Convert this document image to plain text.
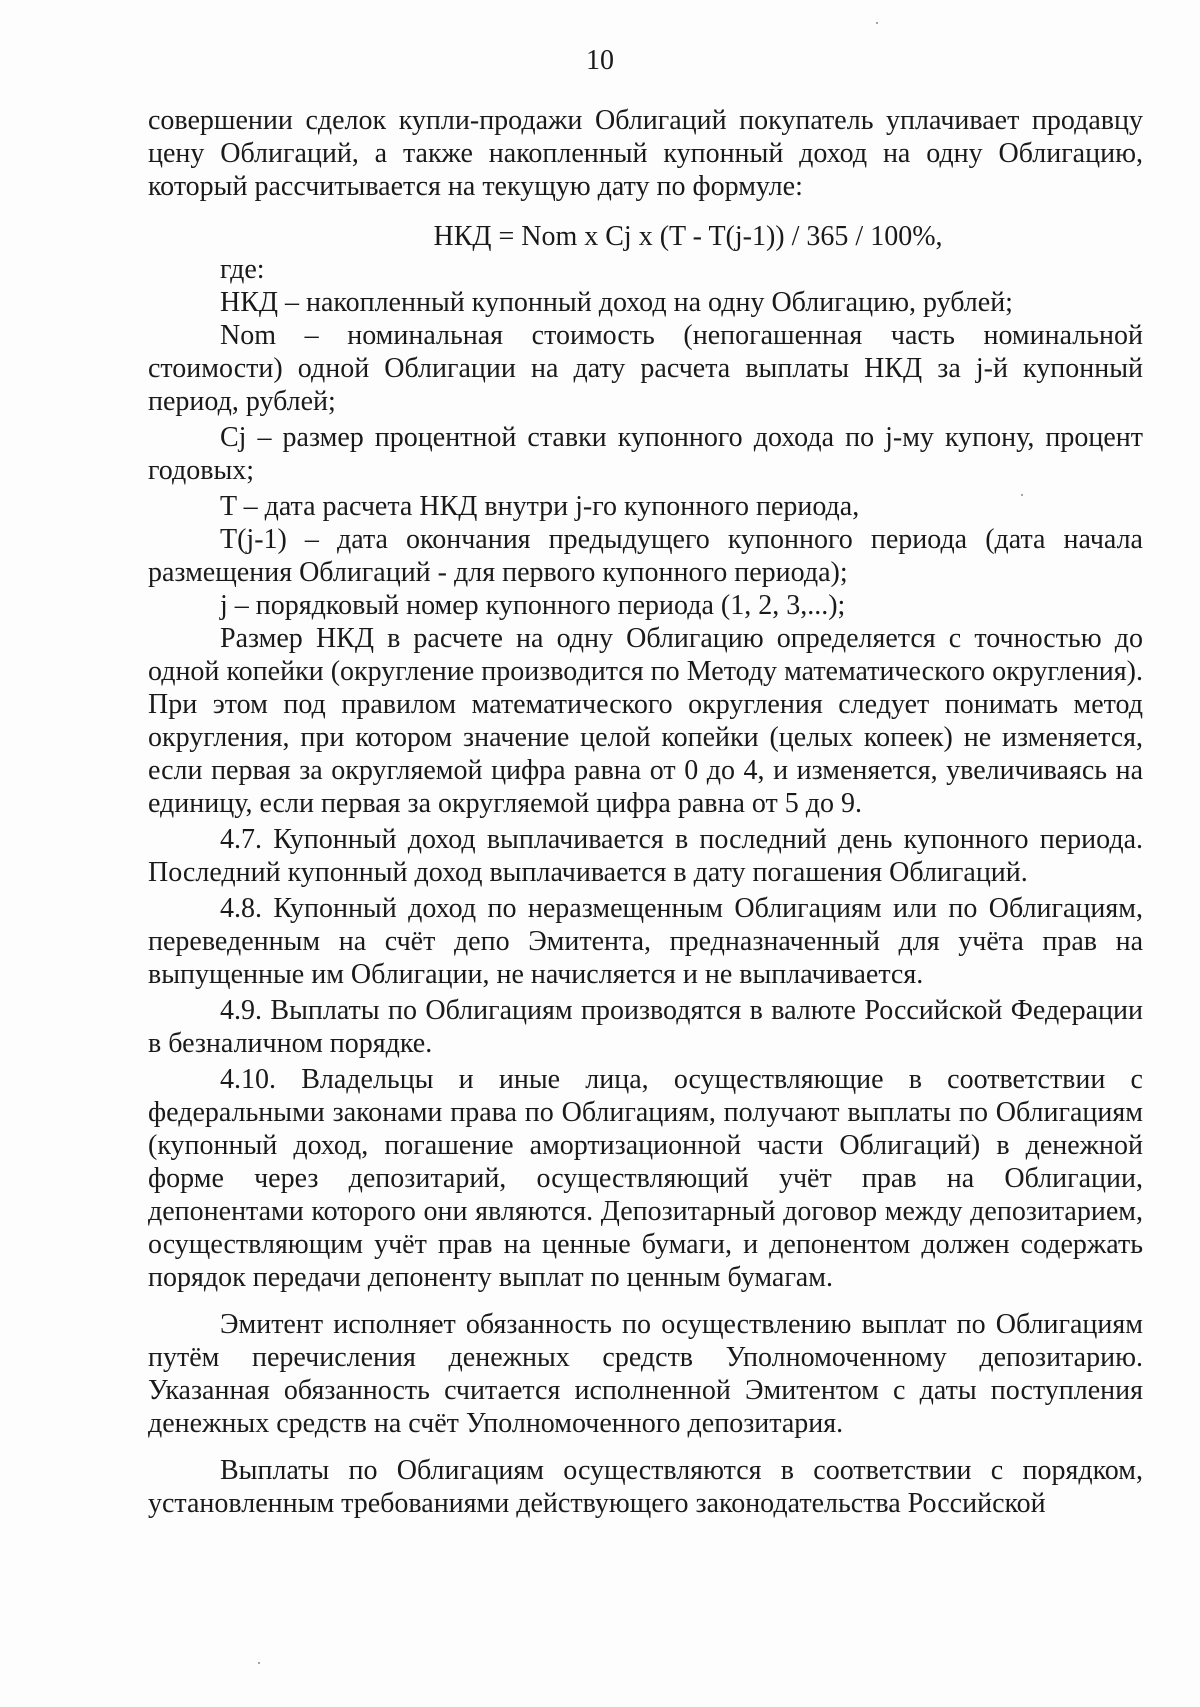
10

совершении сделок купли-продажи Облигаций покупатель уплачивает продавцу цену Облигаций, а также накопленный купонный доход на одну Облигацию, который рассчитывается на текущую дату по формуле:

НКД = Nom x Cj x (T - T(j-1)) / 365 / 100%,

где:

НКД – накопленный купонный доход на одну Облигацию, рублей;

Nom – номинальная стоимость (непогашенная часть номинальной стоимости) одной Облигации на дату расчета выплаты НКД за j-й купонный период, рублей;

Cj – размер процентной ставки купонного дохода по j-му купону, процент годовых;

T – дата расчета НКД внутри j-го купонного периода,

T(j-1) – дата окончания предыдущего купонного периода (дата начала размещения Облигаций - для первого купонного периода);

j – порядковый номер купонного периода (1, 2, 3,...);

Размер НКД в расчете на одну Облигацию определяется с точностью до одной копейки (округление производится по Методу математического округления). При этом под правилом математического округления следует понимать метод округления, при котором значение целой копейки (целых копеек) не изменяется, если первая за округляемой цифра равна от 0 до 4, и изменяется, увеличиваясь на единицу, если первая за округляемой цифра равна от 5 до 9.

4.7. Купонный доход выплачивается в последний день купонного периода. Последний купонный доход выплачивается в дату погашения Облигаций.

4.8. Купонный доход по неразмещенным Облигациям или по Облигациям, переведенным на счёт депо Эмитента, предназначенный для учёта прав на выпущенные им Облигации, не начисляется и не выплачивается.

4.9. Выплаты по Облигациям производятся в валюте Российской Федерации в безналичном порядке.

4.10. Владельцы и иные лица, осуществляющие в соответствии с федеральными законами права по Облигациям, получают выплаты по Облигациям (купонный доход, погашение амортизационной части Облигаций) в денежной форме через депозитарий, осуществляющий учёт прав на Облигации, депонентами которого они являются. Депозитарный договор между депозитарием, осуществляющим учёт прав на ценные бумаги, и депонентом должен содержать порядок передачи депоненту выплат по ценным бумагам.

Эмитент исполняет обязанность по осуществлению выплат по Облигациям путём перечисления денежных средств Уполномоченному депозитарию. Указанная обязанность считается исполненной Эмитентом с даты поступления денежных средств на счёт Уполномоченного депозитария.

Выплаты по Облигациям осуществляются в соответствии с порядком, установленным требованиями действующего законодательства Российской
